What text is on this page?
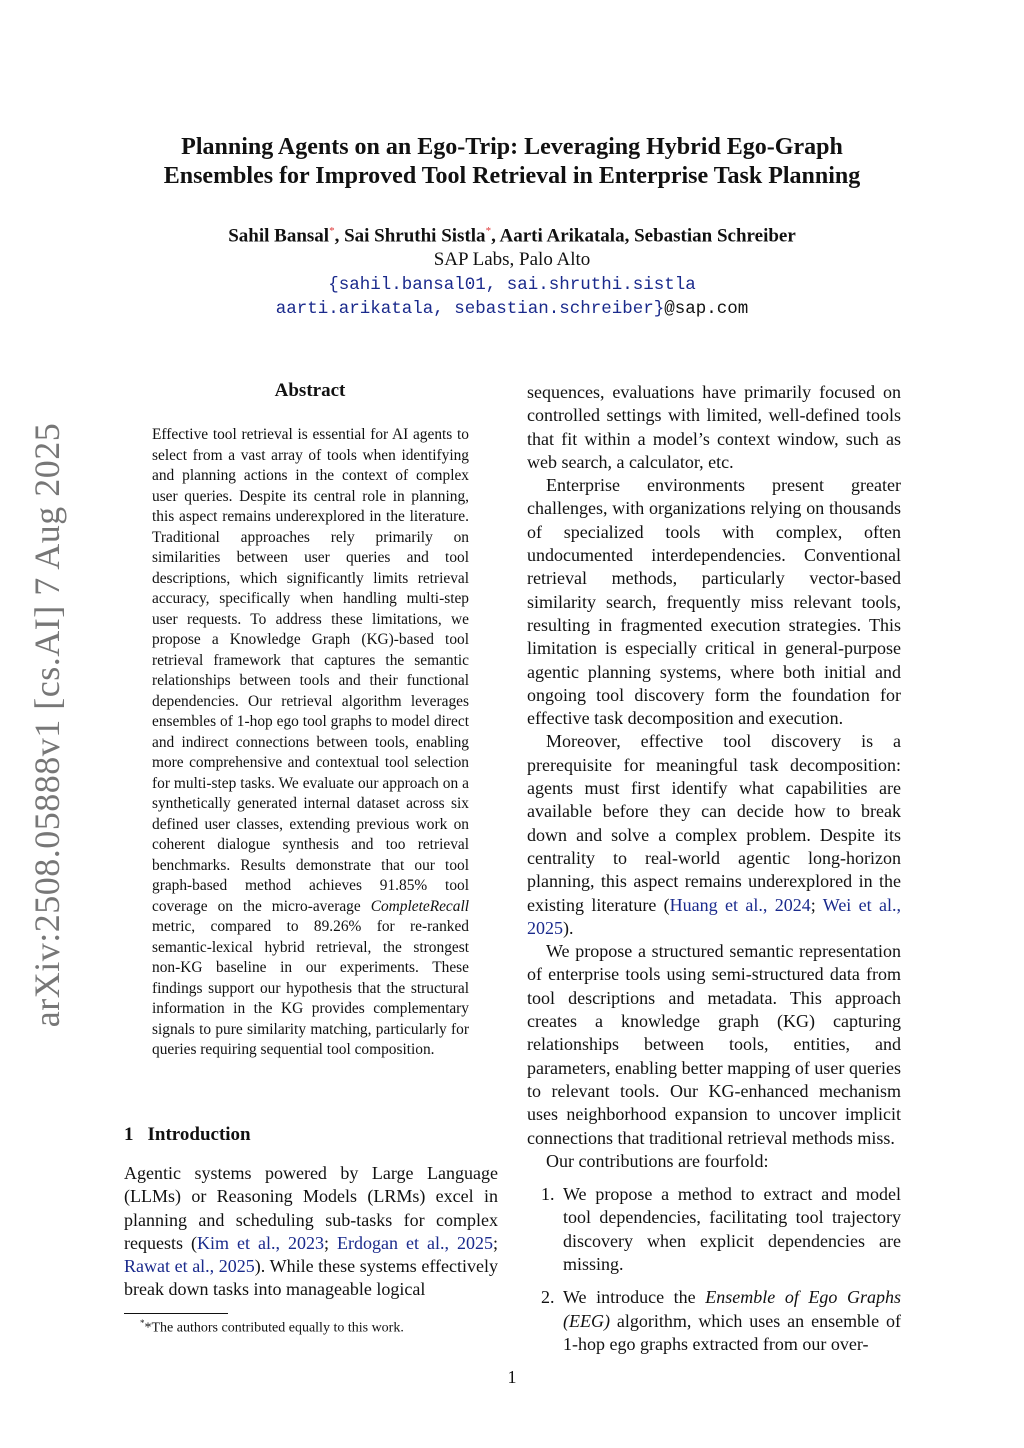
Planning Agents on an Ego-Trip: Leveraging Hybrid Ego-Graph
Ensembles for Improved Tool Retrieval in Enterprise Task Planning
Sahil Bansal*, Sai Shruthi Sistla*, Aarti Arikatala, Sebastian Schreiber
SAP Labs, Palo Alto
{sahil.bansal01, sai.shruthi.sistla
aarti.arikatala, sebastian.schreiber}@sap.com
arXiv:2508.05888v1 [cs.AI] 7 Aug 2025
Abstract
Effective tool retrieval is essential for AI agents to select from a vast array of tools when identifying and planning actions in the context of complex user queries. Despite its central role in planning, this aspect remains underexplored in the literature. Traditional approaches rely primarily on similarities between user queries and tool descriptions, which significantly limits retrieval accuracy, specifically when handling multi-step user requests. To address these limitations, we propose a Knowledge Graph (KG)-based tool retrieval framework that captures the semantic relationships between tools and their functional dependencies. Our retrieval algorithm leverages ensembles of 1-hop ego tool graphs to model direct and indirect connections between tools, enabling more comprehensive and contextual tool selection for multi-step tasks. We evaluate our approach on a synthetically generated internal dataset across six defined user classes, extending previous work on coherent dialogue synthesis and too retrieval benchmarks. Results demonstrate that our tool graph-based method achieves 91.85% tool coverage on the micro-average CompleteRecall metric, compared to 89.26% for re-ranked semantic-lexical hybrid retrieval, the strongest non-KG baseline in our experiments. These findings support our hypothesis that the structural information in the KG provides complementary signals to pure similarity matching, particularly for queries requiring sequential tool composition.
1 Introduction
Agentic systems powered by Large Language (LLMs) or Reasoning Models (LRMs) excel in planning and scheduling sub-tasks for complex requests (Kim et al., 2023; Erdogan et al., 2025; Rawat et al., 2025). While these systems effectively break down tasks into manageable logical
**The authors contributed equally to this work.

sequences, evaluations have primarily focused on controlled settings with limited, well-defined tools that fit within a model’s context window, such as web search, a calculator, etc.

Enterprise environments present greater challenges, with organizations relying on thousands of specialized tools with complex, often undocumented interdependencies. Conventional retrieval methods, particularly vector-based similarity search, frequently miss relevant tools, resulting in fragmented execution strategies. This limitation is especially critical in general-purpose agentic planning systems, where both initial and ongoing tool discovery form the foundation for effective task decomposition and execution.

Moreover, effective tool discovery is a prerequisite for meaningful task decomposition: agents must first identify what capabilities are available before they can decide how to break down and solve a complex problem. Despite its centrality to real-world agentic long-horizon planning, this aspect remains underexplored in the existing literature (Huang et al., 2024; Wei et al., 2025).

We propose a structured semantic representation of enterprise tools using semi-structured data from tool descriptions and metadata. This approach creates a knowledge graph (KG) capturing relationships between tools, entities, and parameters, enabling better mapping of user queries to relevant tools. Our KG-enhanced mechanism uses neighborhood expansion to uncover implicit connections that traditional retrieval methods miss.

Our contributions are fourfold:

1. We propose a method to extract and model tool dependencies, facilitating tool trajectory discovery when explicit dependencies are missing.
2. We introduce the Ensemble of Ego Graphs (EEG) algorithm, which uses an ensemble of 1-hop ego graphs extracted from our over-
1
